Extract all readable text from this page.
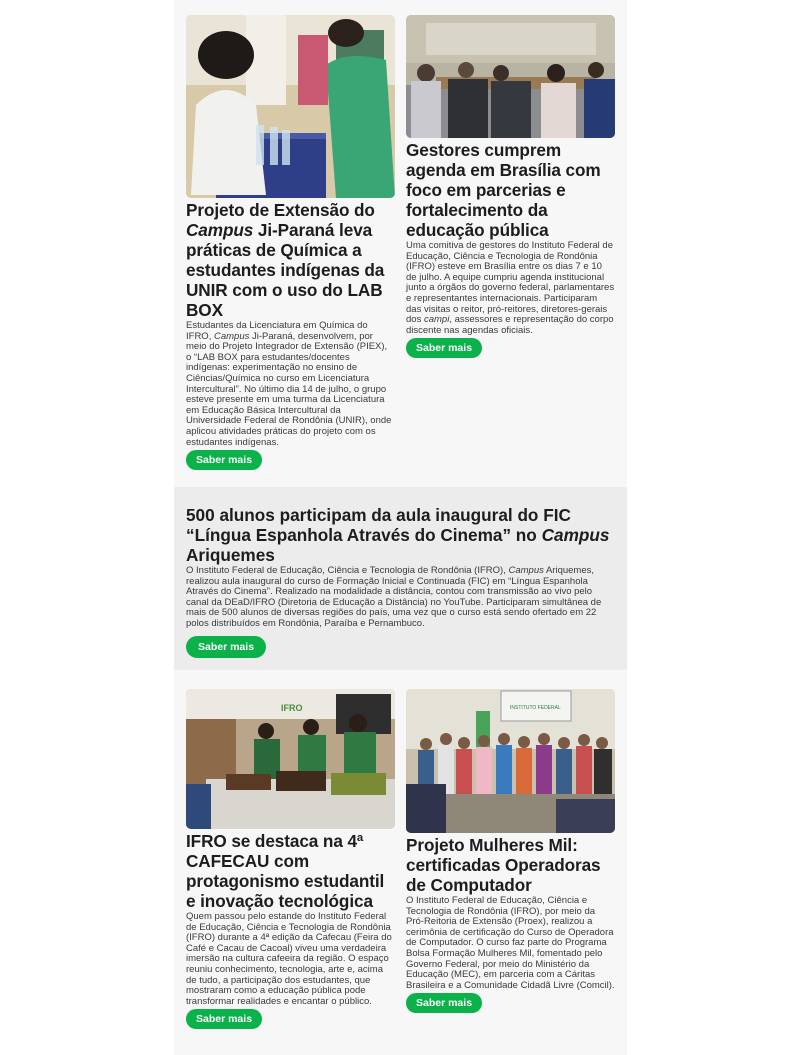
Projeto de Extensão do Campus Ji-Paraná leva práticas de Química a estudantes indígenas da UNIR com o uso do LAB BOX

Estudantes da Licenciatura em Química do IFRO, Campus Ji-Paraná, desenvolvem, por meio do Projeto Integrador de Extensão (PIEX), o “LAB BOX para estudantes/docentes indígenas: experimentação no ensino de Ciências/Química no curso em Licenciatura Intercultural”. No último dia 14 de julho, o grupo esteve presente em uma turma da Licenciatura em Educação Básica Intercultural da Universidade Federal de Rondônia (UNIR), onde aplicou atividades práticas do projeto com os estudantes indígenas.

Saber mais
Gestores cumprem agenda em Brasília com foco em parcerias e fortalecimento da educação pública

Uma comitiva de gestores do Instituto Federal de Educação, Ciência e Tecnologia de Rondônia (IFRO) esteve em Brasília entre os dias 7 e 10 de julho. A equipe cumpriu agenda institucional junto a órgãos do governo federal, parlamentares e representantes internacionais. Participaram das visitas o reitor, pró-reitores, diretores-gerais dos campi, assessores e representação do corpo discente nas agendas oficiais.

Saber mais
500 alunos participam da aula inaugural do FIC “Língua Espanhola Através do Cinema” no Campus Ariquemes

O Instituto Federal de Educação, Ciência e Tecnologia de Rondônia (IFRO), Campus Ariquemes, realizou aula inaugural do curso de Formação Inicial e Continuada (FIC) em “Língua Espanhola Através do Cinema”. Realizado na modalidade a distância, contou com transmissão ao vivo pelo canal da DEaD/IFRO (Diretoria de Educação a Distância) no YouTube. Participaram simultânea de mais de 500 alunos de diversas regiões do país, uma vez que o curso está sendo ofertado em 22 polos distribuídos em Rondônia, Paraíba e Pernambuco.

Saber mais
IFRO
IFRO se destaca na 4ª CAFECAU com protagonismo estudantil e inovação tecnológica

Quem passou pelo estande do Instituto Federal de Educação, Ciência e Tecnologia de Rondônia (IFRO) durante a 4ª edição da Cafecau (Feira do Café e Cacau de Cacoal) viveu uma verdadeira imersão na cultura cafeeira da região. O espaço reuniu conhecimento, tecnologia, arte e, acima de tudo, a participação dos estudantes, que mostraram como a educação pública pode transformar realidades e encantar o público.

Saber mais
INSTITUTO FEDERAL
Projeto Mulheres Mil: certificadas Operadoras de Computador

O Instituto Federal de Educação, Ciência e Tecnologia de Rondônia (IFRO), por meio da Pró-Reitoria de Extensão (Proex), realizou a cerimônia de certificação do Curso de Operadora de Computador. O curso faz parte do Programa Bolsa Formação Mulheres Mil, fomentado pelo Governo Federal, por meio do Ministério da Educação (MEC), em parceria com a Cáritas Brasileira e a Comunidade Cidadã Livre (Comcil).

Saber mais
